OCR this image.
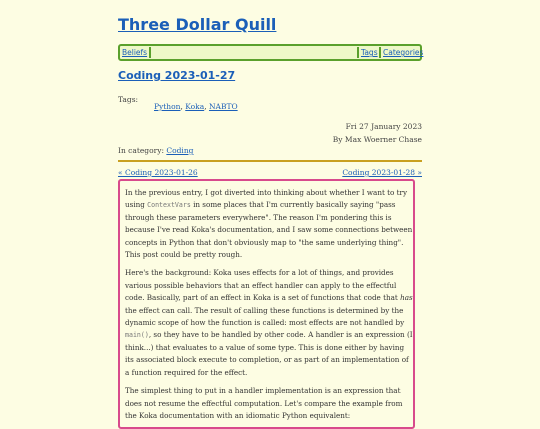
Three Dollar Quill
Beliefs	Tags Categories
Coding 2023-01-27
Tags:
Python, Koka, NABTO
Fri 27 January 2023
By Max Woerner Chase
In category: Coding
« Coding 2023-01-26	Coding 2023-01-28 »

In the previous entry, I got diverted into thinking about whether I want to try using ContextVars in some places that I'm currently basically saying "pass through these parameters everywhere". The reason I'm pondering this is because I've read Koka's documentation, and I saw some connections between concepts in Python that don't obviously map to "the same underlying thing". This post could be pretty rough.

Here's the background: Koka uses effects for a lot of things, and provides various possible behaviors that an effect handler can apply to the effectful code. Basically, part of an effect in Koka is a set of functions that code that has the effect can call. The result of calling these functions is determined by the dynamic scope of how the function is called: most effects are not handled by main(), so they have to be handled by other code. A handler is an expression (I think...) that evaluates to a value of some type. This is done either by having its associated block execute to completion, or as part of an implementation of a function required for the effect.

The simplest thing to put in a handler implementation is an expression that does not resume the effectful computation. Let's compare the example from the Koka documentation with an idiomatic Python equivalent:
